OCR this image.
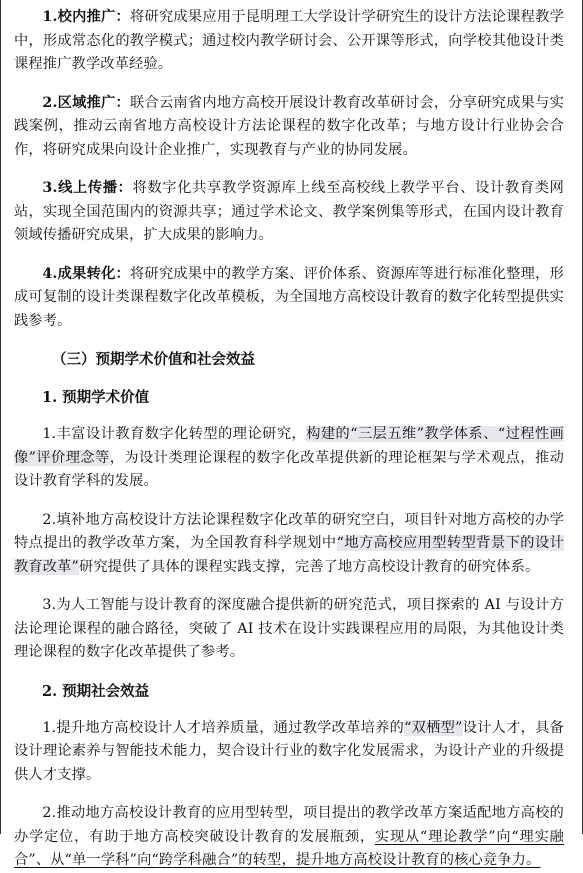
1.校内推广：将研究成果应用于昆明理工大学设计学研究生的设计方法论课程教学中，形成常态化的教学模式；通过校内教学研讨会、公开课等形式，向学校其他设计类课程推广教学改革经验。

2.区域推广：联合云南省内地方高校开展设计教育改革研讨会，分享研究成果与实践案例，推动云南省地方高校设计方法论课程的数字化改革；与地方设计行业协会合作，将研究成果向设计企业推广，实现教育与产业的协同发展。

3.线上传播：将数字化共享教学资源库上线至高校线上教学平台、设计教育类网站，实现全国范围内的资源共享；通过学术论文、教学案例集等形式，在国内设计教育领域传播研究成果，扩大成果的影响力。

4.成果转化：将研究成果中的教学方案、评价体系、资源库等进行标准化整理，形成可复制的设计类课程数字化改革模板，为全国地方高校设计教育的数字化转型提供实践参考。

（三）预期学术价值和社会效益
1. 预期学术价值

1.丰富设计教育数字化转型的理论研究，构建的“三层五维”教学体系、“过程性画像”评价理念等，为设计类理论课程的数字化改革提供新的理论框架与学术观点，推动设计教育学科的发展。

2.填补地方高校设计方法论课程数字化改革的研究空白，项目针对地方高校的办学特点提出的教学改革方案，为全国教育科学规划中“地方高校应用型转型背景下的设计教育改革”研究提供了具体的课程实践支撑，完善了地方高校设计教育的研究体系。

3.为人工智能与设计教育的深度融合提供新的研究范式，项目探索的 AI 与设计方法论理论课程的融合路径，突破了 AI 技术在设计实践课程应用的局限，为其他设计类理论课程的数字化改革提供了参考。

2. 预期社会效益

1.提升地方高校设计人才培养质量，通过教学改革培养的“双栖型”设计人才，具备设计理论素养与智能技术能力，契合设计行业的数字化发展需求，为设计产业的升级提供人才支撑。

2.推动地方高校设计教育的应用型转型，项目提出的教学改革方案适配地方高校的办学定位，有助于地方高校突破设计教育的发展瓶颈，实现从“理论教学”向“理实融合”、从“单一学科”向“跨学科融合”的转型，提升地方高校设计教育的核心竞争力。
